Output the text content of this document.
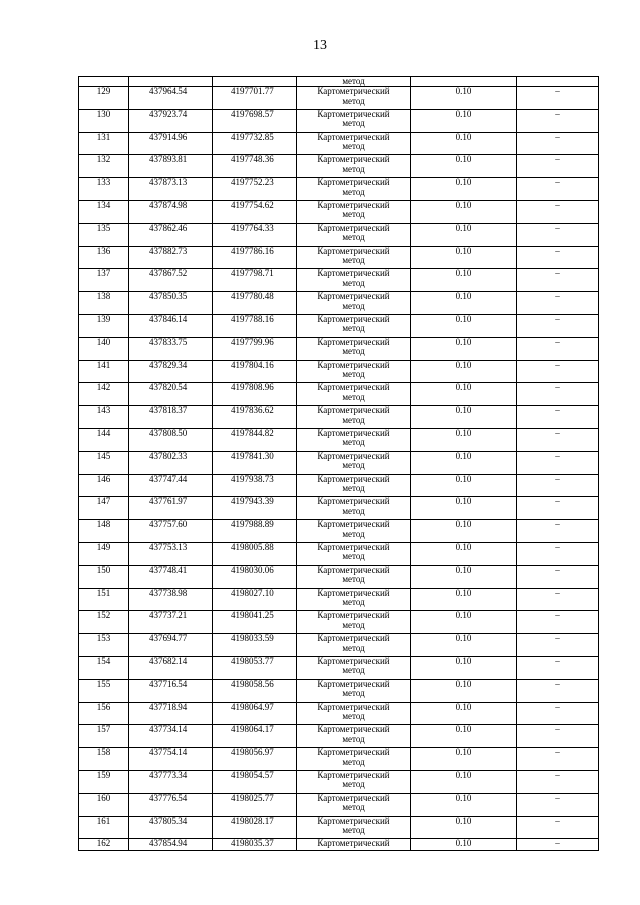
13
			метод		
129	437964.54	4197701.77	Картометрический
метод	0.10	–
130	437923.74	4197698.57	Картометрический
метод	0.10	–
131	437914.96	4197732.85	Картометрический
метод	0.10	–
132	437893.81	4197748.36	Картометрический
метод	0.10	–
133	437873.13	4197752.23	Картометрический
метод	0.10	–
134	437874.98	4197754.62	Картометрический
метод	0.10	–
135	437862.46	4197764.33	Картометрический
метод	0.10	–
136	437882.73	4197786.16	Картометрический
метод	0.10	–
137	437867.52	4197798.71	Картометрический
метод	0.10	–
138	437850.35	4197780.48	Картометрический
метод	0.10	–
139	437846.14	4197788.16	Картометрический
метод	0.10	–
140	437833.75	4197799.96	Картометрический
метод	0.10	–
141	437829.34	4197804.16	Картометрический
метод	0.10	–
142	437820.54	4197808.96	Картометрический
метод	0.10	–
143	437818.37	4197836.62	Картометрический
метод	0.10	–
144	437808.50	4197844.82	Картометрический
метод	0.10	–
145	437802.33	4197841.30	Картометрический
метод	0.10	–
146	437747.44	4197938.73	Картометрический
метод	0.10	–
147	437761.97	4197943.39	Картометрический
метод	0.10	–
148	437757.60	4197988.89	Картометрический
метод	0.10	–
149	437753.13	4198005.88	Картометрический
метод	0.10	–
150	437748.41	4198030.06	Картометрический
метод	0.10	–
151	437738.98	4198027.10	Картометрический
метод	0.10	–
152	437737.21	4198041.25	Картометрический
метод	0.10	–
153	437694.77	4198033.59	Картометрический
метод	0.10	–
154	437682.14	4198053.77	Картометрический
метод	0.10	–
155	437716.54	4198058.56	Картометрический
метод	0.10	–
156	437718.94	4198064.97	Картометрический
метод	0.10	–
157	437734.14	4198064.17	Картометрический
метод	0.10	–
158	437754.14	4198056.97	Картометрический
метод	0.10	–
159	437773.34	4198054.57	Картометрический
метод	0.10	–
160	437776.54	4198025.77	Картометрический
метод	0.10	–
161	437805.34	4198028.17	Картометрический
метод	0.10	–
162	437854.94	4198035.37	Картометрический	0.10	–
